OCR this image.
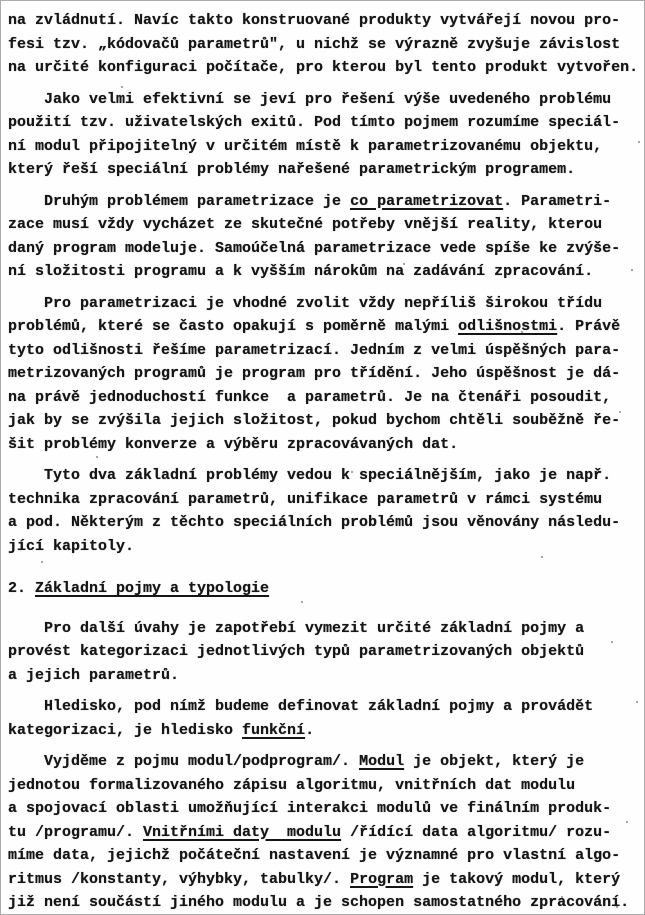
na zvládnutí. Navíc takto konstruované produkty vytvářejí novou pro-
fesi tzv. „kódovačů parametrů", u nichž se výrazně zvyšuje závislost
na určité konfiguraci počítače, pro kterou byl tento produkt vytvořen.
Jako velmi efektivní se jeví pro řešení výše uvedeného problému
použití tzv. uživatelských exitů. Pod tímto pojmem rozumíme speciál-
ní modul připojitelný v určitém místě k parametrizovanému objektu,
který řeší speciální problémy nařešené parametrickým programem.
Druhým problémem parametrizace je co parametrizovat. Parametri-
zace musí vždy vycházet ze skutečné potřeby vnější reality, kterou
daný program modeluje. Samoúčelná parametrizace vede spíše ke zvýše-
ní složitosti programu a k vyšším nárokům na zadávání zpracování.
Pro parametrizaci je vhodné zvolit vždy nepříliš širokou třídu
problémů, které se často opakují s poměrně malými odlišnostmi. Právě
tyto odlišnosti řešíme parametrizací. Jedním z velmi úspěšných para-
metrizovaných programů je program pro třídění. Jeho úspěšnost je dá-
na právě jednoduchostí funkce  a parametrů. Je na čtenáři posoudit,
jak by se zvýšila jejich složitost, pokud bychom chtěli souběžně ře-
šit problémy konverze a výběru zpracovávaných dat.
Tyto dva základní problémy vedou k speciálnějším, jako je např.
technika zpracování parametrů, unifikace parametrů v rámci systému
a pod. Některým z těchto speciálních problémů jsou věnovány následu-
jící kapitoly.
2. Základní pojmy a typologie
Pro další úvahy je zapotřebí vymezit určité základní pojmy a
provést kategorizaci jednotlivých typů parametrizovaných objektů
a jejich parametrů.
Hledisko, pod nímž budeme definovat základní pojmy a provádět
kategorizaci, je hledisko funkční.
Vyjděme z pojmu modul/podprogram/. Modul je objekt, který je
jednotou formalizovaného zápisu algoritmu, vnitřních dat modulu
a spojovací oblasti umožňující interakci modulů ve finálním produk-
tu /programu/. Vnitřními daty  modulu /řídící data algoritmu/ rozu-
míme data, jejichž počáteční nastavení je významné pro vlastní algo-
ritmus /konstanty, výhybky, tabulky/. Program je takový modul, který
již není součástí jiného modulu a je schopen samostatného zpracování.
